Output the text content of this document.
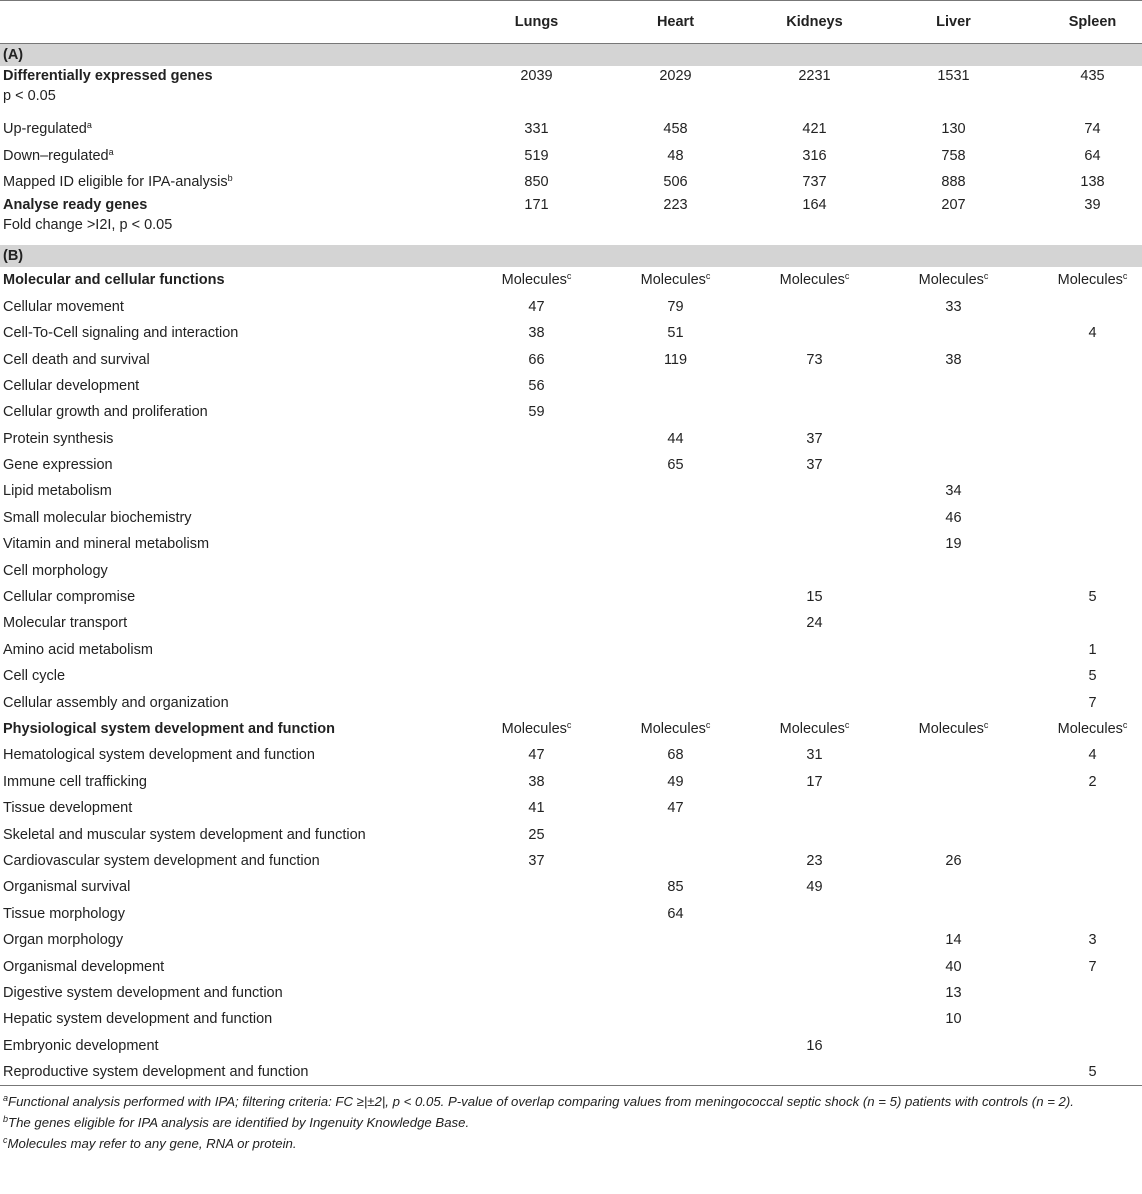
	Lungs	Heart	Kidneys	Liver	Spleen
(A)					
Differentially expressed genes
p < 0.05	2039	2029	2231	1531	435
Up-regulated$^a$	331	458	421	130	74
Down–regulated$^a$	519	48	316	758	64
Mapped ID eligible for IPA-analysis$^b$	850	506	737	888	138
Analyse ready genes
Fold change >I2I, p < 0.05	171	223	164	207	39
(B)					
Molecular and cellular functions	Molecules$^c$	Molecules$^c$	Molecules$^c$	Molecules$^c$	Molecules$^c$
Cellular movement	47	79		33	
Cell-To-Cell signaling and interaction	38	51			4
Cell death and survival	66	119	73	38	
Cellular development	56				
Cellular growth and proliferation	59				
Protein synthesis		44	37		
Gene expression		65	37		
Lipid metabolism				34	
Small molecular biochemistry				46	
Vitamin and mineral metabolism				19	
Cell morphology					
Cellular compromise			15		5
Molecular transport			24		
Amino acid metabolism					1
Cell cycle					5
Cellular assembly and organization					7
Physiological system development and function	Molecules$^c$	Molecules$^c$	Molecules$^c$	Molecules$^c$	Molecules$^c$
Hematological system development and function	47	68	31		4
Immune cell trafficking	38	49	17		2
Tissue development	41	47			
Skeletal and muscular system development and function	25				
Cardiovascular system development and function	37		23	26	
Organismal survival		85	49		
Tissue morphology		64			
Organ morphology				14	3
Organismal development				40	7
Digestive system development and function				13	
Hepatic system development and function				10	
Embryonic development			16		
Reproductive system development and function					5

$^a$Functional analysis performed with IPA; filtering criteria: FC ≥|±2|, p < 0.05. P-value of overlap comparing values from meningococcal septic shock (n = 5) patients with controls (n = 2).

$^b$The genes eligible for IPA analysis are identified by Ingenuity Knowledge Base.

$^c$Molecules may refer to any gene, RNA or protein.
